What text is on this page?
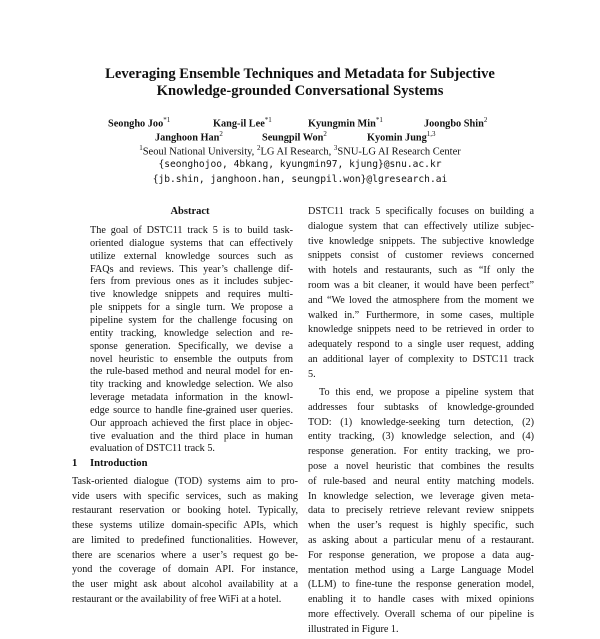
Leveraging Ensemble Techniques and Metadata for Subjective
Knowledge-grounded Conversational Systems
Seongho Joo$^{*1}$	Kang-il Lee$^{*1}$	Kyungmin Min$^{*1}$	Joongbo Shin$^2$
Janghoon Han$^2$	Seungpil Won$^2$	Kyomin Jung$^{1,3}$
$^1$Seoul National University, $^2$LG AI Research, $^3$SNU-LG AI Research Center
{seonghojoo, 4bkang, kyungmin97, kjung}@snu.ac.kr
{jb.shin, janghoon.han, seungpil.won}@lgresearch.ai
Abstract
The goal of DSTC11 track 5 is to build task-
oriented dialogue systems that can effectively
utilize external knowledge sources such as
FAQs and reviews. This year’s challenge dif-
fers from previous ones as it includes subjec-
tive knowledge snippets and requires multi-
ple snippets for a single turn. We propose a
pipeline system for the challenge focusing on
entity tracking, knowledge selection and re-
sponse generation. Specifically, we devise a
novel heuristic to ensemble the outputs from
the rule-based method and neural model for en-
tity tracking and knowledge selection. We also
leverage metadata information in the knowl-
edge source to handle fine-grained user queries.
Our approach achieved the first place in objec-
tive evaluation and the third place in human
evaluation of DSTC11 track 5.
1 Introduction
Task-oriented dialogue (TOD) systems aim to pro-
vide users with specific services, such as making
restaurant reservation or booking hotel. Typically,
these systems utilize domain-specific APIs, which
are limited to predefined functionalities. However,
there are scenarios where a user’s request go be-
yond the coverage of domain API. For instance,
the user might ask about alcohol availability at a
restaurant or the availability of free WiFi at a hotel.
DSTC11 track 5 specifically focuses on building a
dialogue system that can effectively utilize subjec-
tive knowledge snippets. The subjective knowledge
snippets consist of customer reviews concerned
with hotels and restaurants, such as “If only the
room was a bit cleaner, it would have been perfect”
and “We loved the atmosphere from the moment we
walked in.” Furthermore, in some cases, multiple
knowledge snippets need to be retrieved in order to
adequately respond to a single user request, adding
an additional layer of complexity to DSTC11 track
5.
To this end, we propose a pipeline system that
addresses four subtasks of knowledge-grounded
TOD: (1) knowledge-seeking turn detection, (2)
entity tracking, (3) knowledge selection, and (4)
response generation. For entity tracking, we pro-
pose a novel heuristic that combines the results
of rule-based and neural entity matching models.
In knowledge selection, we leverage given meta-
data to precisely retrieve relevant review snippets
when the user’s request is highly specific, such
as asking about a particular menu of a restaurant.
For response generation, we propose a data aug-
mentation method using a Large Language Model
(LLM) to fine-tune the response generation model,
enabling it to handle cases with mixed opinions
more effectively. Overall schema of our pipeline is
illustrated in Figure 1.
